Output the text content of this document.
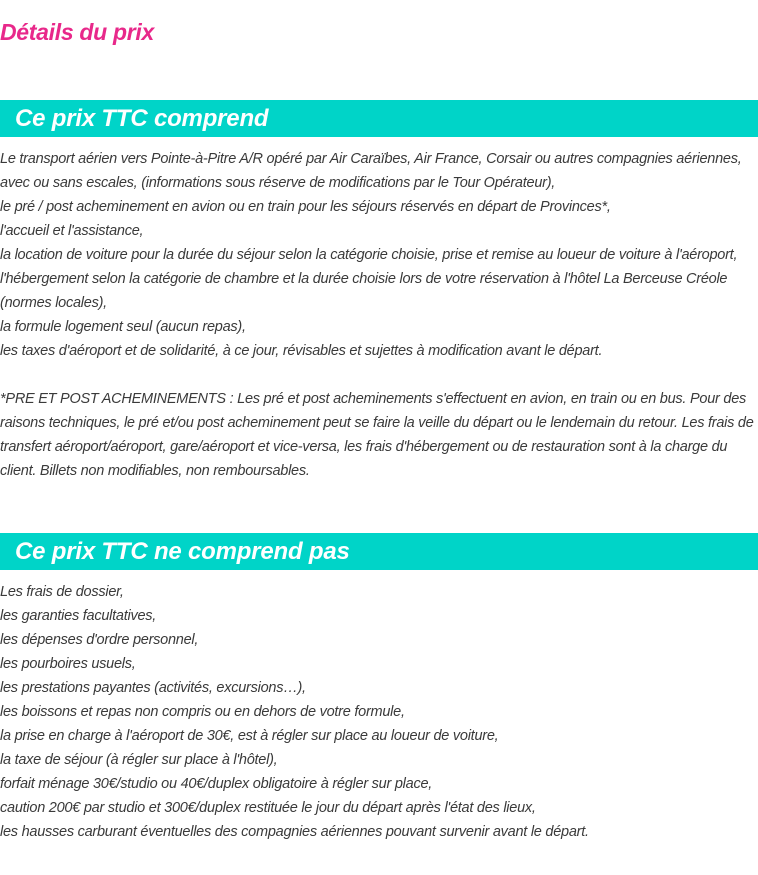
Détails du prix
Ce prix TTC comprend

Le transport aérien vers Pointe-à-Pitre A/R opéré par Air Caraïbes, Air France, Corsair ou autres compagnies aériennes, avec ou sans escales, (informations sous réserve de modifications par le Tour Opérateur),

le pré / post acheminement en avion ou en train pour les séjours réservés en départ de Provinces*,

l'accueil et l'assistance,

la location de voiture pour la durée du séjour selon la catégorie choisie, prise et remise au loueur de voiture à l'aéroport,

l'hébergement selon la catégorie de chambre et la durée choisie lors de votre réservation à l'hôtel La Berceuse Créole (normes locales),

la formule logement seul (aucun repas),

les taxes d'aéroport et de solidarité, à ce jour, révisables et sujettes à modification avant le départ.

*PRE ET POST ACHEMINEMENTS : Les pré et post acheminements s'effectuent en avion, en train ou en bus. Pour des raisons techniques, le pré et/ou post acheminement peut se faire la veille du départ ou le lendemain du retour. Les frais de transfert aéroport/aéroport, gare/aéroport et vice-versa, les frais d'hébergement ou de restauration sont à la charge du client. Billets non modifiables, non remboursables.

Ce prix TTC ne comprend pas

Les frais de dossier,

les garanties facultatives,

les dépenses d'ordre personnel,

les pourboires usuels,

les prestations payantes (activités, excursions…),

les boissons et repas non compris ou en dehors de votre formule,

la prise en charge à l'aéroport de 30€, est à régler sur place au loueur de voiture,

la taxe de séjour (à régler sur place à l'hôtel),

forfait ménage 30€/studio ou 40€/duplex obligatoire à régler sur place,

caution 200€ par studio et 300€/duplex restituée le jour du départ après l'état des lieux,

les hausses carburant éventuelles des compagnies aériennes pouvant survenir avant le départ.
